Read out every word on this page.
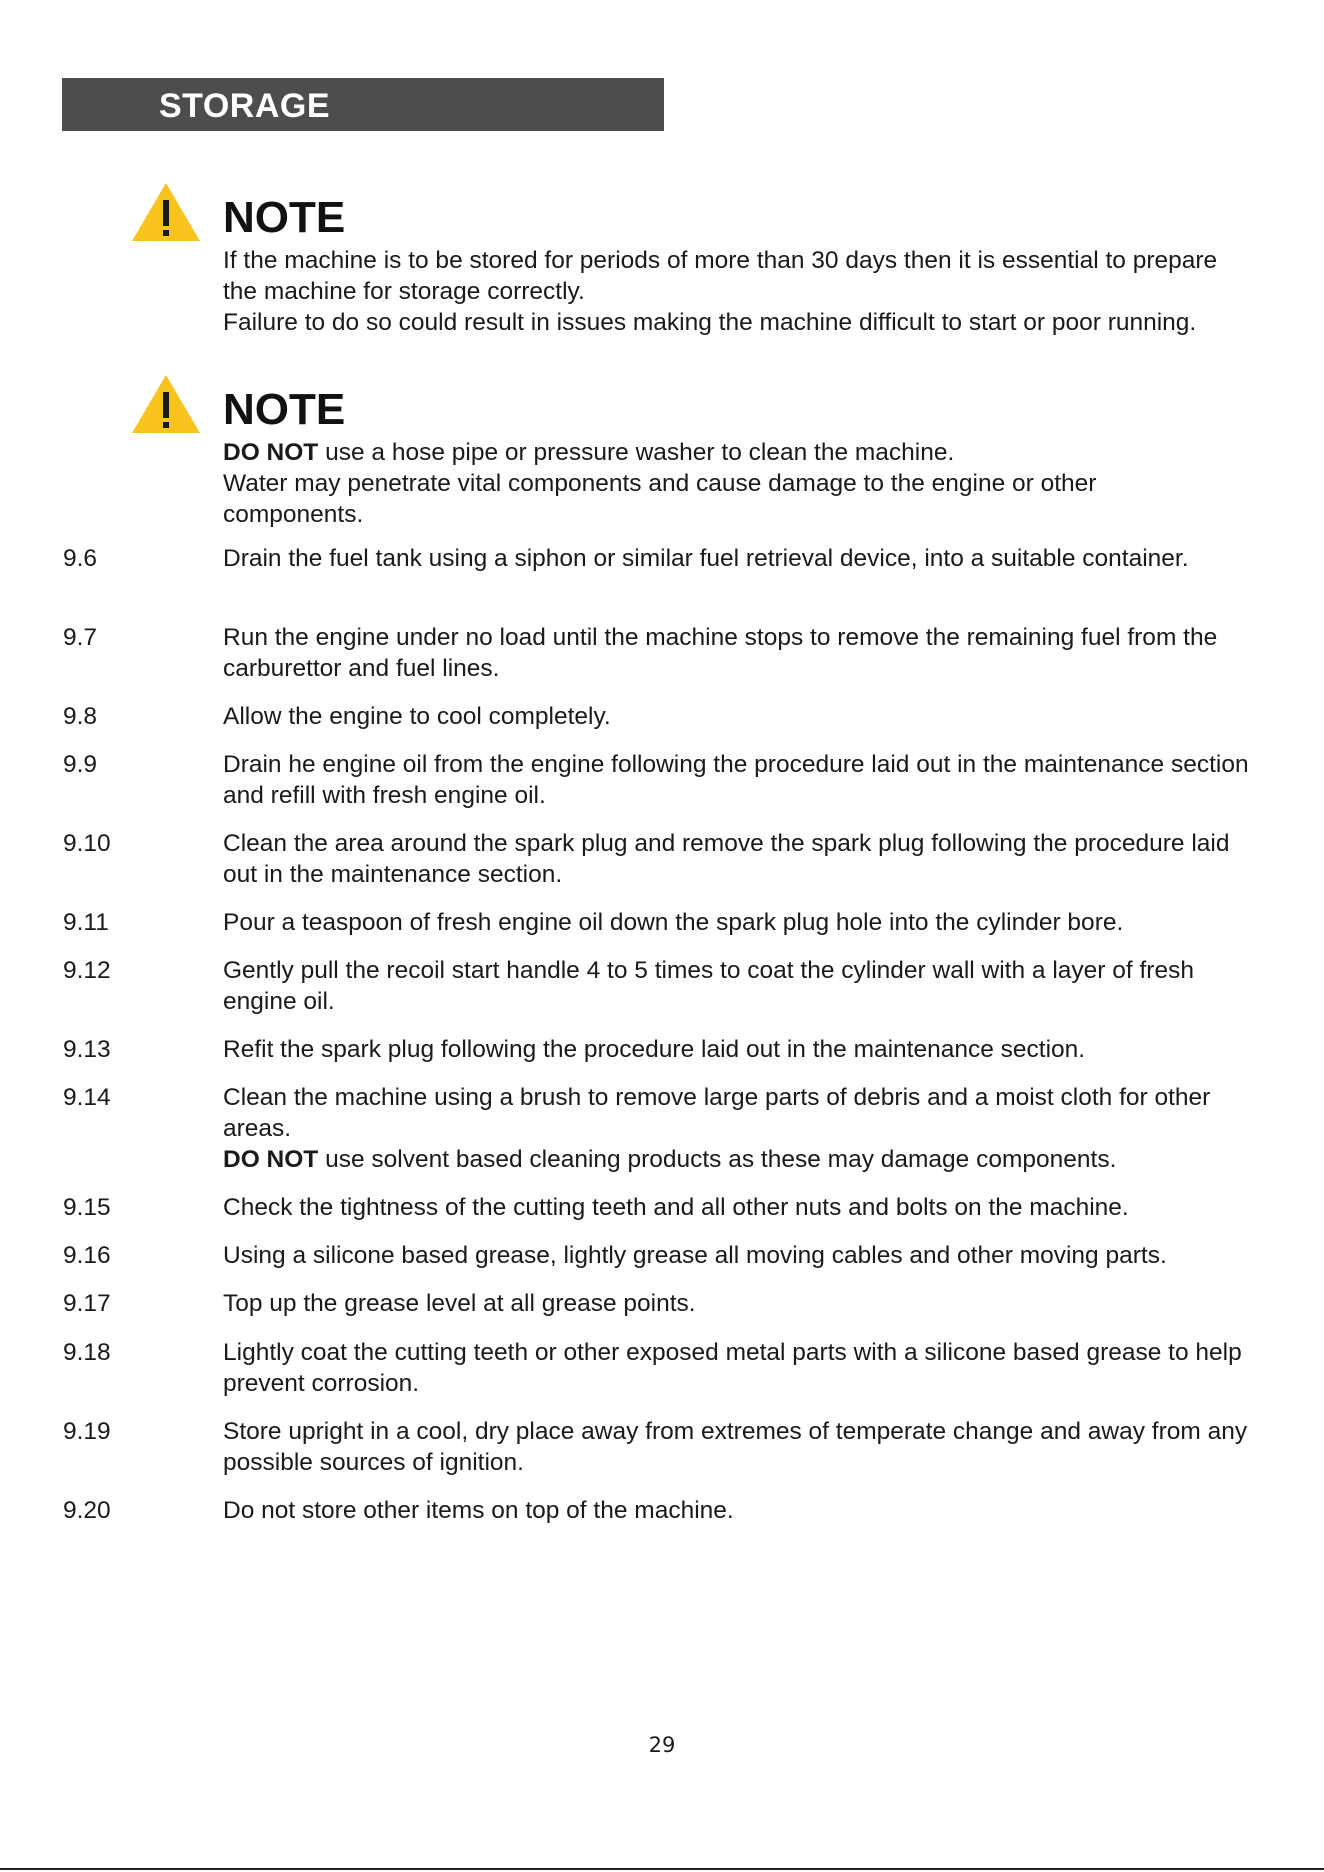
STORAGE
NOTE

If the machine is to be stored for periods of more than 30 days then it is essential to prepare the machine for storage correctly.

Failure to do so could result in issues making the machine difficult to start or poor running.

NOTE

DO NOT use a hose pipe or pressure washer to clean the machine.

Water may penetrate vital components and cause damage to the engine or other components.

9.6	Drain the fuel tank using a siphon or similar fuel retrieval device, into a suitable container.
9.7	Run the engine under no load until the machine stops to remove the remaining fuel from the carburettor and fuel lines.
9.8	Allow the engine to cool completely.
9.9	Drain he engine oil from the engine following the procedure laid out in the maintenance section and refill with fresh engine oil.
9.10	Clean the area around the spark plug and remove the spark plug following the procedure laid out in the maintenance section.
9.11	Pour a teaspoon of fresh engine oil down the spark plug hole into the cylinder bore.
9.12	Gently pull the recoil start handle 4 to 5 times to coat the cylinder wall with a layer of fresh engine oil.
9.13	Refit the spark plug following the procedure laid out in the maintenance section.
9.14	Clean the machine using a brush to remove large parts of debris and a moist cloth for other areas.

DO NOT use solvent based cleaning products as these may damage components.

9.15	Check the tightness of the cutting teeth and all other nuts and bolts on the machine.
9.16	Using a silicone based grease, lightly grease all moving cables and other moving parts.
9.17	Top up the grease level at all grease points.
9.18	Lightly coat the cutting teeth or other exposed metal parts with a silicone based grease to help prevent corrosion.
9.19	Store upright in a cool, dry place away from extremes of temperate change and away from any possible sources of ignition.
9.20	Do not store other items on top of the machine.
29
